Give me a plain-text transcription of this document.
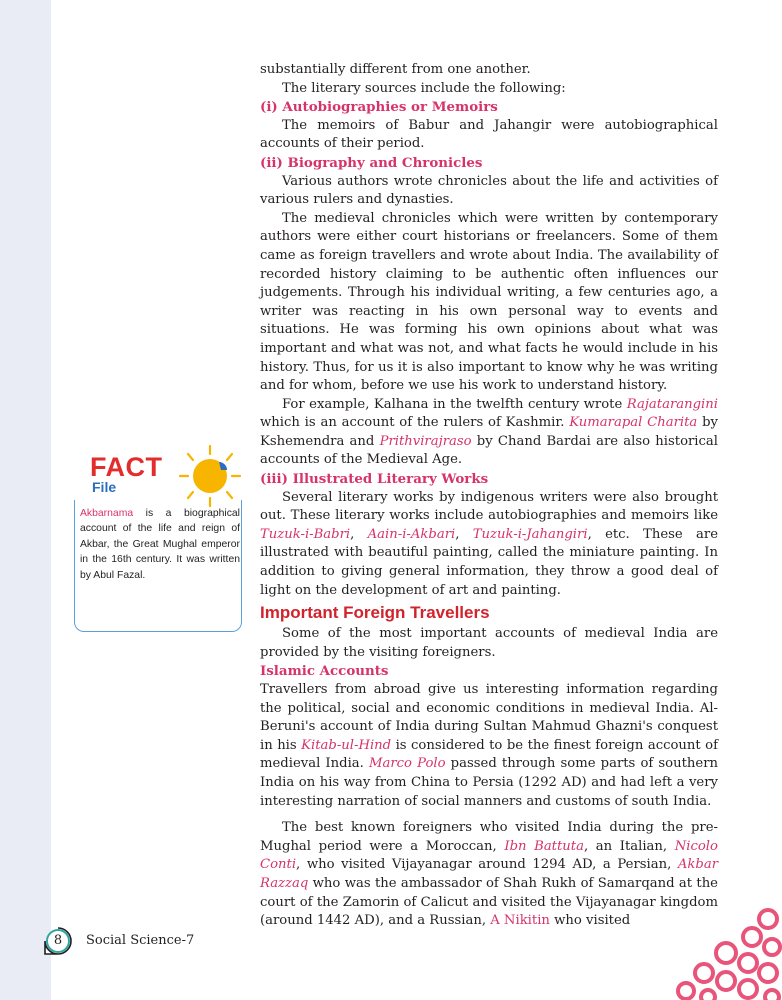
FACT
File
Akbarnama is a biographical account of the life and reign of Akbar, the Great Mughal emperor in the 16th century. It was written by Abul Fazal.

substantially different from one another.

The literary sources include the following:

(i) Autobiographies or Memoirs

The memoirs of Babur and Jahangir were autobiographical accounts of their period.

(ii) Biography and Chronicles

Various authors wrote chronicles about the life and activities of various rulers and dynasties.

The medieval chronicles which were written by contemporary authors were either court historians or freelancers. Some of them came as foreign travellers and wrote about India. The availability of recorded history claiming to be authentic often influences our judgements. Through his individual writing, a few centuries ago, a writer was reacting in his own personal way to events and situations. He was forming his own opinions about what was important and what was not, and what facts he would include in his history. Thus, for us it is also important to know why he was writing and for whom, before we use his work to understand history.

For example, Kalhana in the twelfth century wrote Rajatarangini which is an account of the rulers of Kashmir. Kumarapal Charita by Kshemendra and Prithvirajraso by Chand Bardai are also historical accounts of the Medieval Age.

(iii) Illustrated Literary Works

Several literary works by indigenous writers were also brought out. These literary works include autobiographies and memoirs like Tuzuk-i-Babri, Aain-i-Akbari, Tuzuk-i-Jahangiri, etc. These are illustrated with beautiful painting, called the miniature painting. In addition to giving general information, they throw a good deal of light on the development of art and painting.

Important Foreign Travellers

Some of the most important accounts of medieval India are provided by the visiting foreigners.

Islamic Accounts

Travellers from abroad give us interesting information regarding the political, social and economic conditions in medieval India. Al-Beruni's account of India during Sultan Mahmud Ghazni's conquest in his Kitab-ul-Hind is considered to be the finest foreign account of medieval India. Marco Polo passed through some parts of southern India on his way from China to Persia (1292 AD) and had left a very interesting narration of social manners and customs of south India.

The best known foreigners who visited India during the pre-Mughal period were a Moroccan, Ibn Battuta, an Italian, Nicolo Conti, who visited Vijayanagar around 1294 AD, a Persian, Akbar Razzaq who was the ambassador of Shah Rukh of Samarqand at the court of the Zamorin of Calicut and visited the Vijayanagar kingdom (around 1442 AD), and a Russian, A Nikitin who visited

8	Social Science-7
